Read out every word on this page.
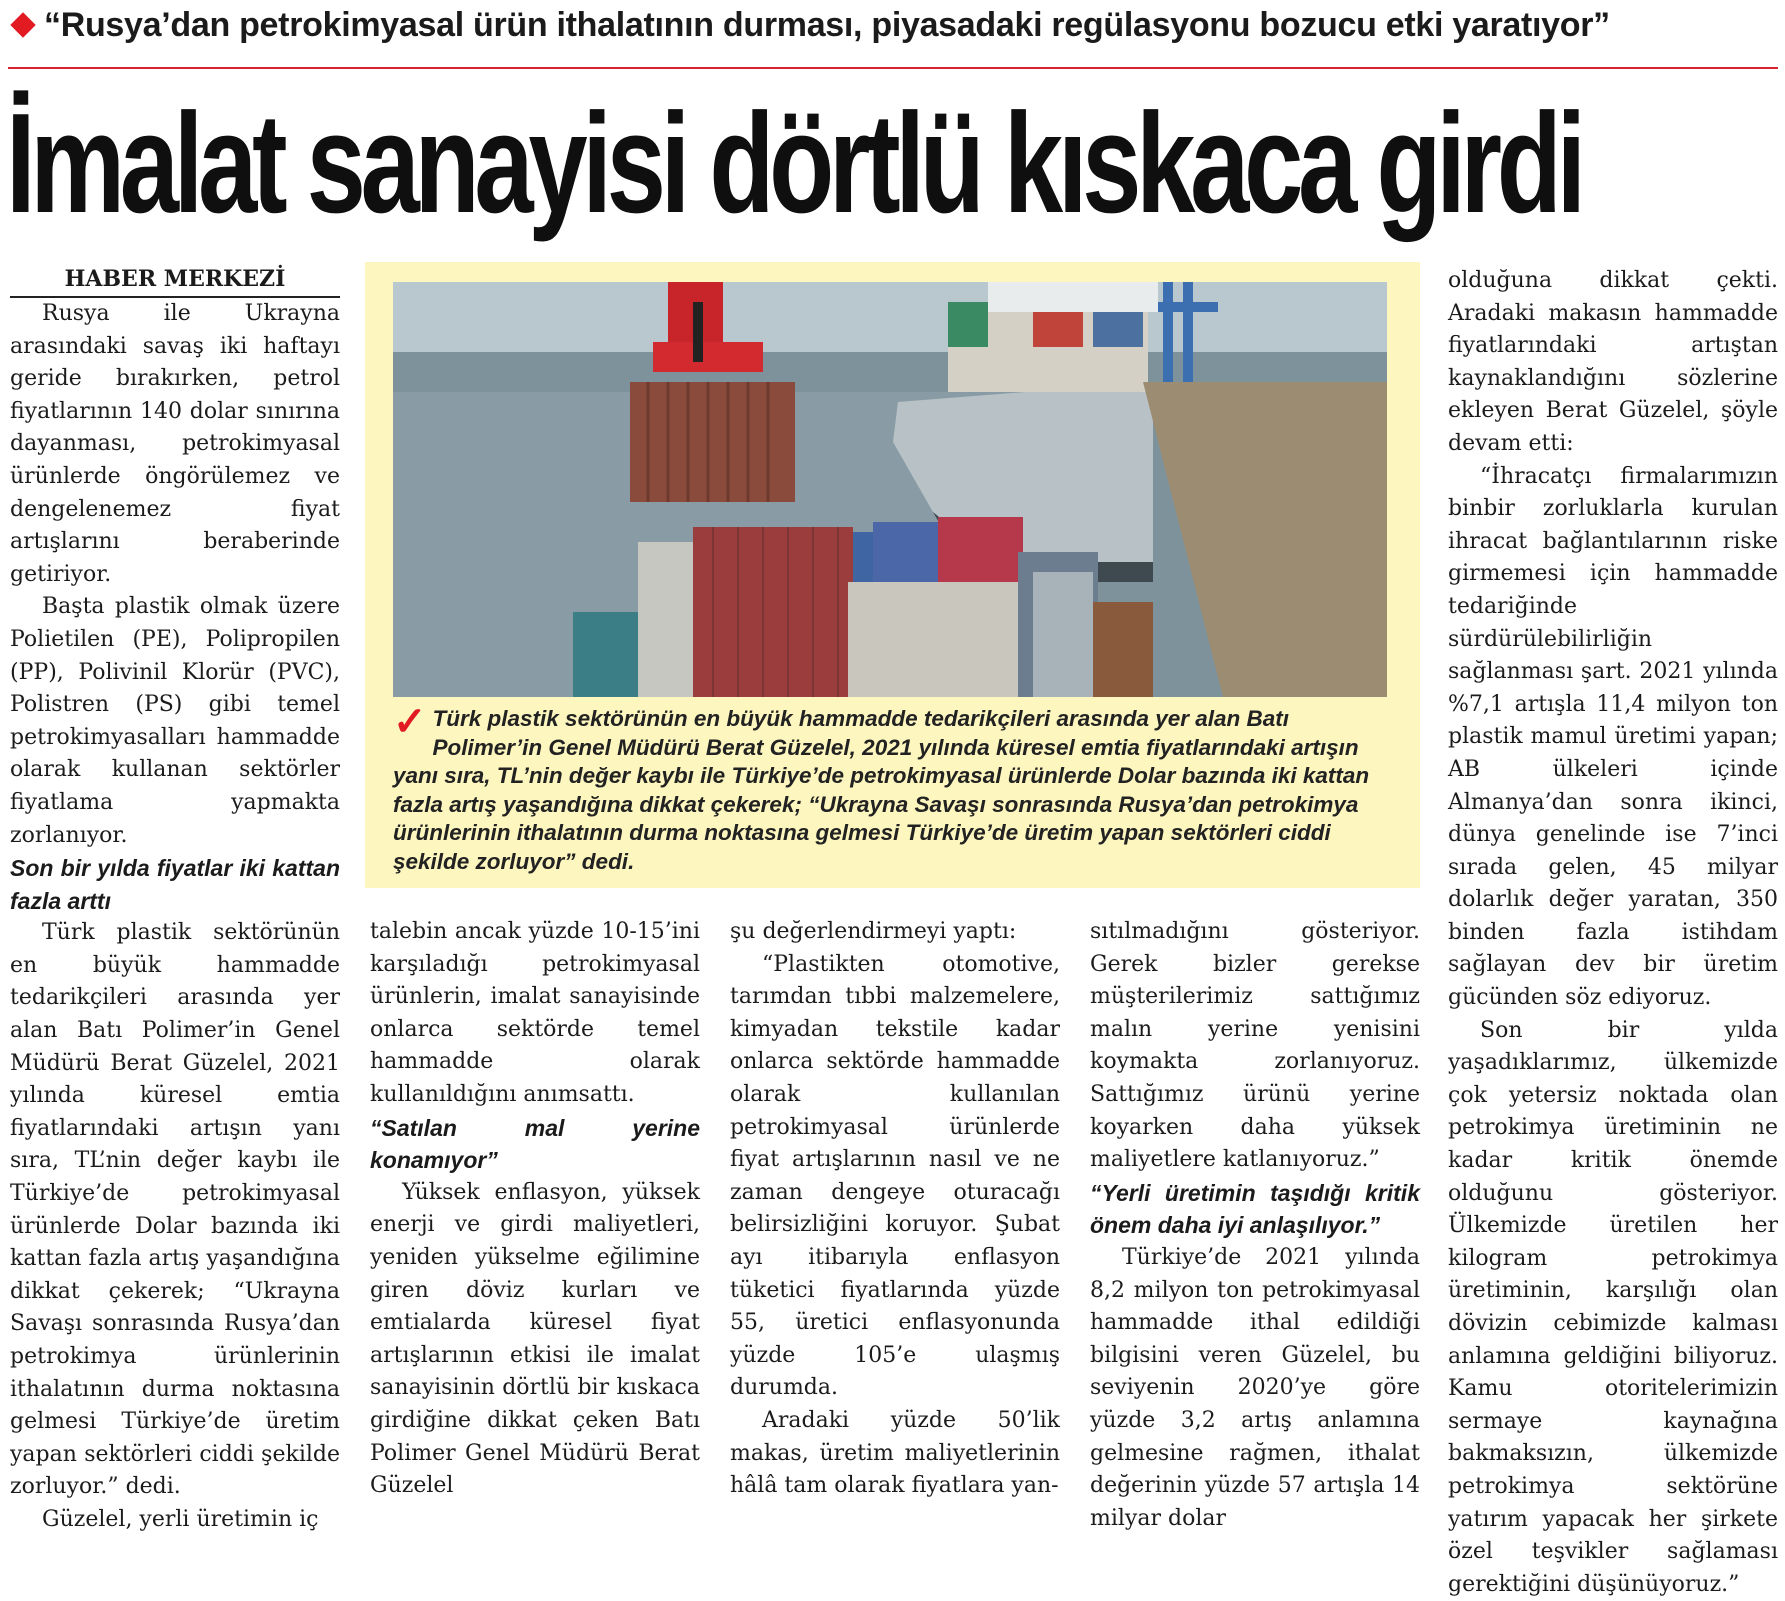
“Rusya’dan petrokimyasal ürün ithalatının durması, piyasadaki regülasyonu bozucu etki yaratıyor”
İmalat sanayisi dörtlü kıskaca girdi
HABER MERKEZİ

Rusya ile Ukrayna arasındaki savaş iki haftayı geride bırakırken, petrol fiyatlarının 140 dolar sınırına dayanması, petrokimyasal ürünlerde öngörülemez ve dengelenemez fiyat artışlarını beraberinde getiriyor.

Başta plastik olmak üzere Polietilen (PE), Polipropilen (PP), Polivinil Klorür (PVC), Polistren (PS) gibi temel petrokimyasalları hammadde olarak kullanan sektörler fiyatlama yapmakta zorlanıyor.

Son bir yılda fiyatlar iki kattan fazla arttı

Türk plastik sektörünün en büyük hammadde tedarikçileri arasında yer alan Batı Polimer’in Genel Müdürü Berat Güzelel, 2021 yılında küresel emtia fiyatlarındaki artışın yanı sıra, TL’nin değer kaybı ile Türkiye’de petrokimyasal ürünlerde Dolar bazında iki kattan fazla artış yaşandığına dikkat çekerek; “Ukrayna Savaşı sonrasında Rusya’dan petrokimya ürünlerinin ithalatının durma noktasına gelmesi Türkiye’de üretim yapan sektörleri ciddi şekilde zorluyor.” dedi.

Güzelel, yerli üretimin iç

✓ Türk plastik sektörünün en büyük hammadde tedarikçileri arasında yer alan Batı Polimer’in Genel Müdürü Berat Güzelel, 2021 yılında küresel emtia fiyatlarındaki artışın yanı sıra, TL’nin değer kaybı ile Türkiye’de petrokimyasal ürünlerde Dolar bazında iki kattan fazla artış yaşandığına dikkat çekerek; “Ukrayna Savaşı sonrasında Rusya’dan petrokimya ürünlerinin ithalatının durma noktasına gelmesi Türkiye’de üretim yapan sektörleri ciddi şekilde zorluyor” dedi.

talebin ancak yüzde 10-15’ini karşıladığı petrokimyasal ürünlerin, imalat sanayisinde onlarca sektörde temel hammadde olarak kullanıldığını anımsattı.

“Satılan mal yerine konamıyor”

Yüksek enflasyon, yüksek enerji ve girdi maliyetleri, yeniden yükselme eğilimine giren döviz kurları ve emtialarda küresel fiyat artışlarının etkisi ile imalat sanayisinin dörtlü bir kıskaca girdiğine dikkat çeken Batı Polimer Genel Müdürü Berat Güzelel

şu değerlendirmeyi yaptı:

“Plastikten otomotive, tarımdan tıbbi malzemelere, kimyadan tekstile kadar onlarca sektörde hammadde olarak kullanılan petrokimyasal ürünlerde fiyat artışlarının nasıl ve ne zaman dengeye oturacağı belirsizliğini koruyor. Şubat ayı itibarıyla enflasyon tüketici fiyatlarında yüzde 55, üretici enflasyonunda yüzde 105’e ulaşmış durumda.

Aradaki yüzde 50’lik makas, üretim maliyetlerinin hâlâ tam olarak fiyatlara yan-

sıtılmadığını gösteriyor. Gerek bizler gerekse müşterilerimiz sattığımız malın yerine yenisini koymakta zorlanıyoruz. Sattığımız ürünü yerine koyarken daha yüksek maliyetlere katlanıyoruz.”

“Yerli üretimin taşıdığı kritik önem daha iyi anlaşılıyor.”

Türkiye’de 2021 yılında 8,2 milyon ton petrokimyasal hammadde ithal edildiği bilgisini veren Güzelel, bu seviyenin 2020’ye göre yüzde 3,2 artış anlamına gelmesine rağmen, ithalat değerinin yüzde 57 artışla 14 milyar dolar

olduğuna dikkat çekti. Aradaki makasın hammadde fiyatlarındaki artıştan kaynaklandığını sözlerine ekleyen Berat Güzelel, şöyle devam etti:

“İhracatçı firmalarımızın binbir zorluklarla kurulan ihracat bağlantılarının riske girmemesi için hammadde tedariğinde sürdürülebilirliğin sağlanması şart. 2021 yılında %7,1 artışla 11,4 milyon ton plastik mamul üretimi yapan; AB ülkeleri içinde Almanya’dan sonra ikinci, dünya genelinde ise 7’inci sırada gelen, 45 milyar dolarlık değer yaratan, 350 binden fazla istihdam sağlayan dev bir üretim gücünden söz ediyoruz.

Son bir yılda yaşadıklarımız, ülkemizde çok yetersiz noktada olan petrokimya üretiminin ne kadar kritik önemde olduğunu gösteriyor. Ülkemizde üretilen her kilogram petrokimya üretiminin, karşılığı olan dövizin cebimizde kalması anlamına geldiğini biliyoruz. Kamu otoritelerimizin sermaye kaynağına bakmaksızın, ülkemizde petrokimya sektörüne yatırım yapacak her şirkete özel teşvikler sağlaması gerektiğini düşünüyoruz.”
